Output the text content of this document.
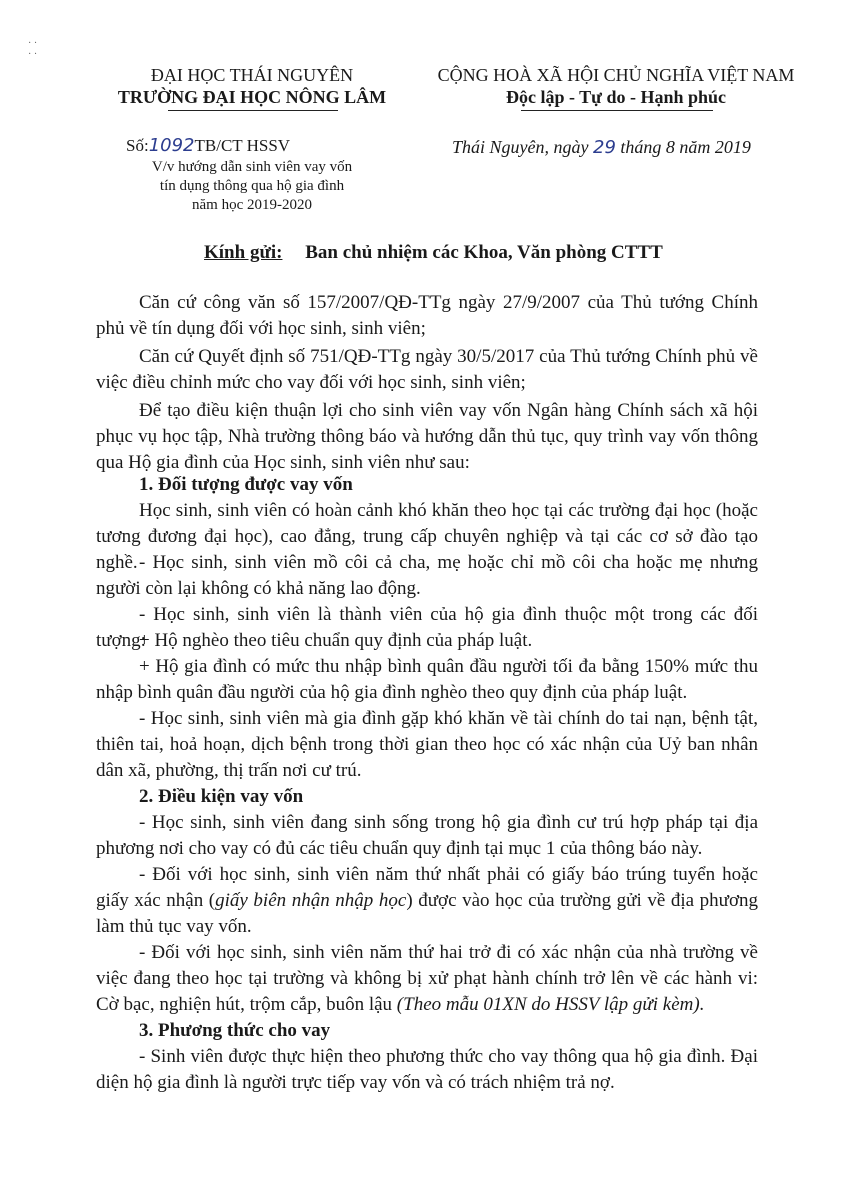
· ·
· ·
ĐẠI HỌC THÁI NGUYÊN
TRƯỜNG ĐẠI HỌC NÔNG LÂM
CỘNG HOÀ XÃ HỘI CHỦ NGHĨA VIỆT NAM
Độc lập - Tự do - Hạnh phúc
Số:1092TB/CT HSSV
V/v hướng dẫn sinh viên vay vốn
tín dụng thông qua hộ gia đình
năm học 2019-2020
Thái Nguyên, ngày 29 tháng 8 năm 2019
Kính gửi: Ban chủ nhiệm các Khoa, Văn phòng CTTT
Căn cứ công văn số 157/2007/QĐ-TTg ngày 27/9/2007 của Thủ tướng Chính phủ về tín dụng đối với học sinh, sinh viên;
Căn cứ Quyết định số 751/QĐ-TTg ngày 30/5/2017 của Thủ tướng Chính phủ về việc điều chỉnh mức cho vay đối với học sinh, sinh viên;
Để tạo điều kiện thuận lợi cho sinh viên vay vốn Ngân hàng Chính sách xã hội phục vụ học tập, Nhà trường thông báo và hướng dẫn thủ tục, quy trình vay vốn thông qua Hộ gia đình của Học sinh, sinh viên như sau:
1. Đối tượng được vay vốn
Học sinh, sinh viên có hoàn cảnh khó khăn theo học tại các trường đại học (hoặc tương đương đại học), cao đẳng, trung cấp chuyên nghiệp và tại các cơ sở đào tạo nghề. - Học sinh, sinh viên mồ côi cả cha, mẹ hoặc chỉ mồ côi cha hoặc mẹ nhưng người còn lại không có khả năng lao động.
- Học sinh, sinh viên là thành viên của hộ gia đình thuộc một trong các đối tượng:
+ Hộ nghèo theo tiêu chuẩn quy định của pháp luật.
+ Hộ gia đình có mức thu nhập bình quân đầu người tối đa bằng 150% mức thu nhập bình quân đầu người của hộ gia đình nghèo theo quy định của pháp luật.
- Học sinh, sinh viên mà gia đình gặp khó khăn về tài chính do tai nạn, bệnh tật, thiên tai, hoả hoạn, dịch bệnh trong thời gian theo học có xác nhận của Uỷ ban nhân dân xã, phường, thị trấn nơi cư trú.
2. Điều kiện vay vốn
- Học sinh, sinh viên đang sinh sống trong hộ gia đình cư trú hợp pháp tại địa phương nơi cho vay có đủ các tiêu chuẩn quy định tại mục 1 của thông báo này.
- Đối với học sinh, sinh viên năm thứ nhất phải có giấy báo trúng tuyển hoặc giấy xác nhận (giấy biên nhận nhập học) được vào học của trường gửi về địa phương làm thủ tục vay vốn.
- Đối với học sinh, sinh viên năm thứ hai trở đi có xác nhận của nhà trường về việc đang theo học tại trường và không bị xử phạt hành chính trở lên về các hành vi: Cờ bạc, nghiện hút, trộm cắp, buôn lậu (Theo mẫu 01XN do HSSV lập gửi kèm).
3. Phương thức cho vay
- Sinh viên được thực hiện theo phương thức cho vay thông qua hộ gia đình. Đại diện hộ gia đình là người trực tiếp vay vốn và có trách nhiệm trả nợ.
